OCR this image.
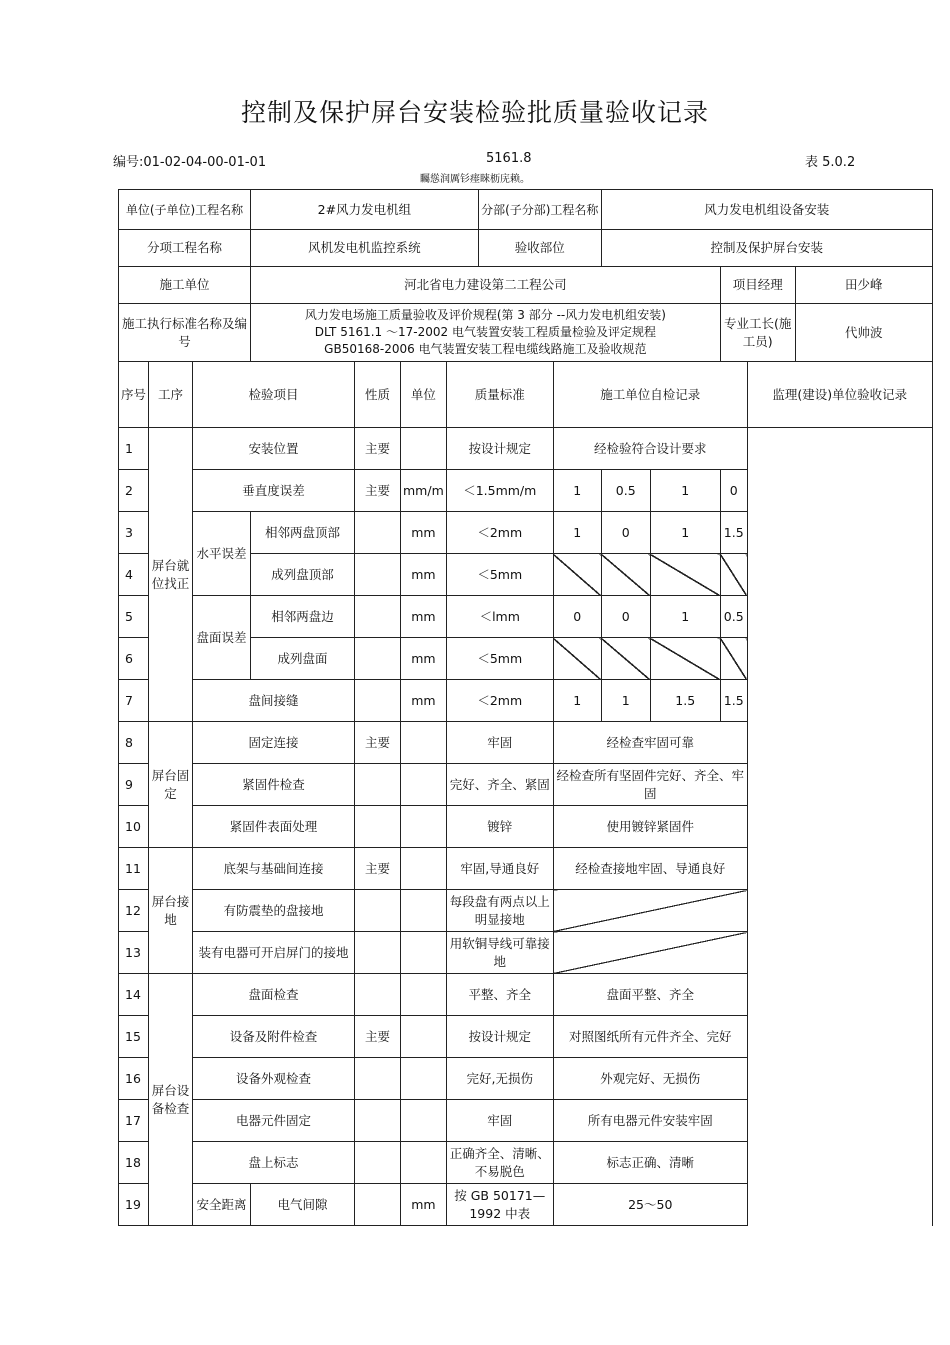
控制及保护屏台安装检验批质量验收记录
编号:01-02-04-00-01-01	5161.8	表 5.0.2
矚慫润厲钐瘗睞枥庑赖。
单位(子单位)工程名称			2#风力发电机组				分部(子分部)工程名称		风力发电机组设备安装				
分项工程名称			风机发电机监控系统				验收部位		控制及保护屏台安装				
施工单位			河北省电力建设第二工程公司								项目经理		田少峰
施工执行标准名称及编号			风力发电场施工质量验收及评价规程(第 3 部分 --风力发电机组安装)
DLT 5161.1 ～17-2002 电气装置安装工程质量检验及评定规程
GB50168-2006 电气装置安装工程电缆线路施工及验收规范								专业工长(施工员)		代帅波
序号	工序	检验项目		性质	单位	质量标准		施工单位自检记录				监理(建设)单位验收记录	
1	屏台就位找正	安装位置		主要		按设计规定		经检验符合设计要求					
2		垂直度误差		主要	mm/m	＜1.5mm/m		1	0.5	1	0		
3		水平误差	相邻两盘顶部		mm	＜2mm		1	0	1	1.5		
4			成列盘顶部		mm	＜5mm							
5		盘面误差	相邻两盘边		mm	＜lmm		0	0	1	0.5		
6			成列盘面		mm	＜5mm							
7		盘间接缝			mm	＜2mm		1	1	1.5	1.5		
8	屏台固定	固定连接		主要		牢固		经检查牢固可靠					
9		紧固件检查				完好、齐全、紧固		经检查所有坚固件完好、齐全、牢固					
10		紧固件表面处理				镀锌		使用镀锌紧固件					
11	屏台接地	底架与基础间连接		主要		牢固,导通良好		经检查接地牢固、导通良好					
12		有防震垫的盘接地				每段盘有两点以上明显接地							
13		装有电器可开启屏门的接地				用软铜导线可靠接地							
14	屏台设备检查	盘面检查				平整、齐全		盘面平整、齐全					
15		设备及附件检查		主要		按设计规定		对照图纸所有元件齐全、完好					
16		设备外观检查				完好,无损伤		外观完好、无损伤					
17		电器元件固定				牢固		所有电器元件安装牢固					
18		盘上标志				正确齐全、清晰、不易脱色		标志正确、清晰					
19		安全距离	电气间隙		mm	按 GB 50171—1992 中表		25～50					
